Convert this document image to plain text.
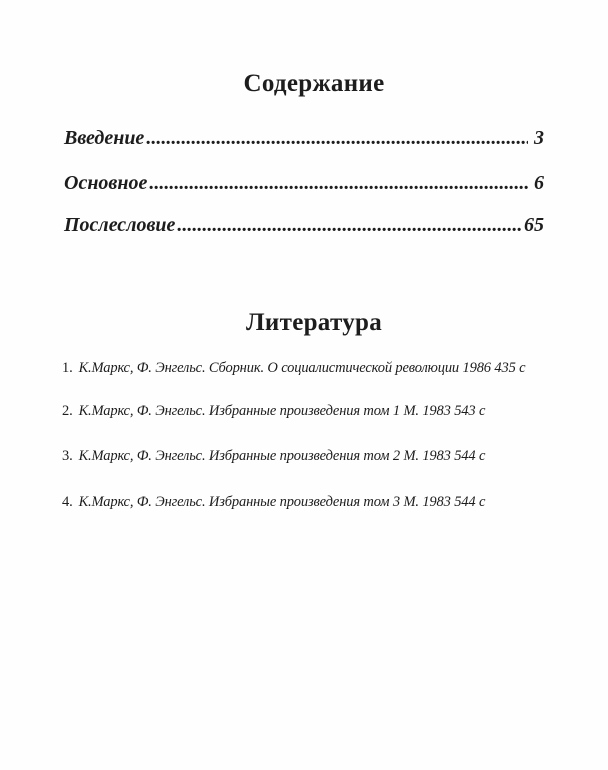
Содержание
Введение .....	3
Основное .....	6
Послесловие .....	65
Литература
1. К.Маркс, Ф. Энгельс. Сборник. О социалистической революции 1986 435 с
2. К.Маркс, Ф. Энгельс. Избранные произведения том 1 М. 1983 543 с
3. К.Маркс, Ф. Энгельс. Избранные произведения том 2 М. 1983 544 с
4. К.Маркс, Ф. Энгельс. Избранные произведения том 3 М. 1983 544 с
